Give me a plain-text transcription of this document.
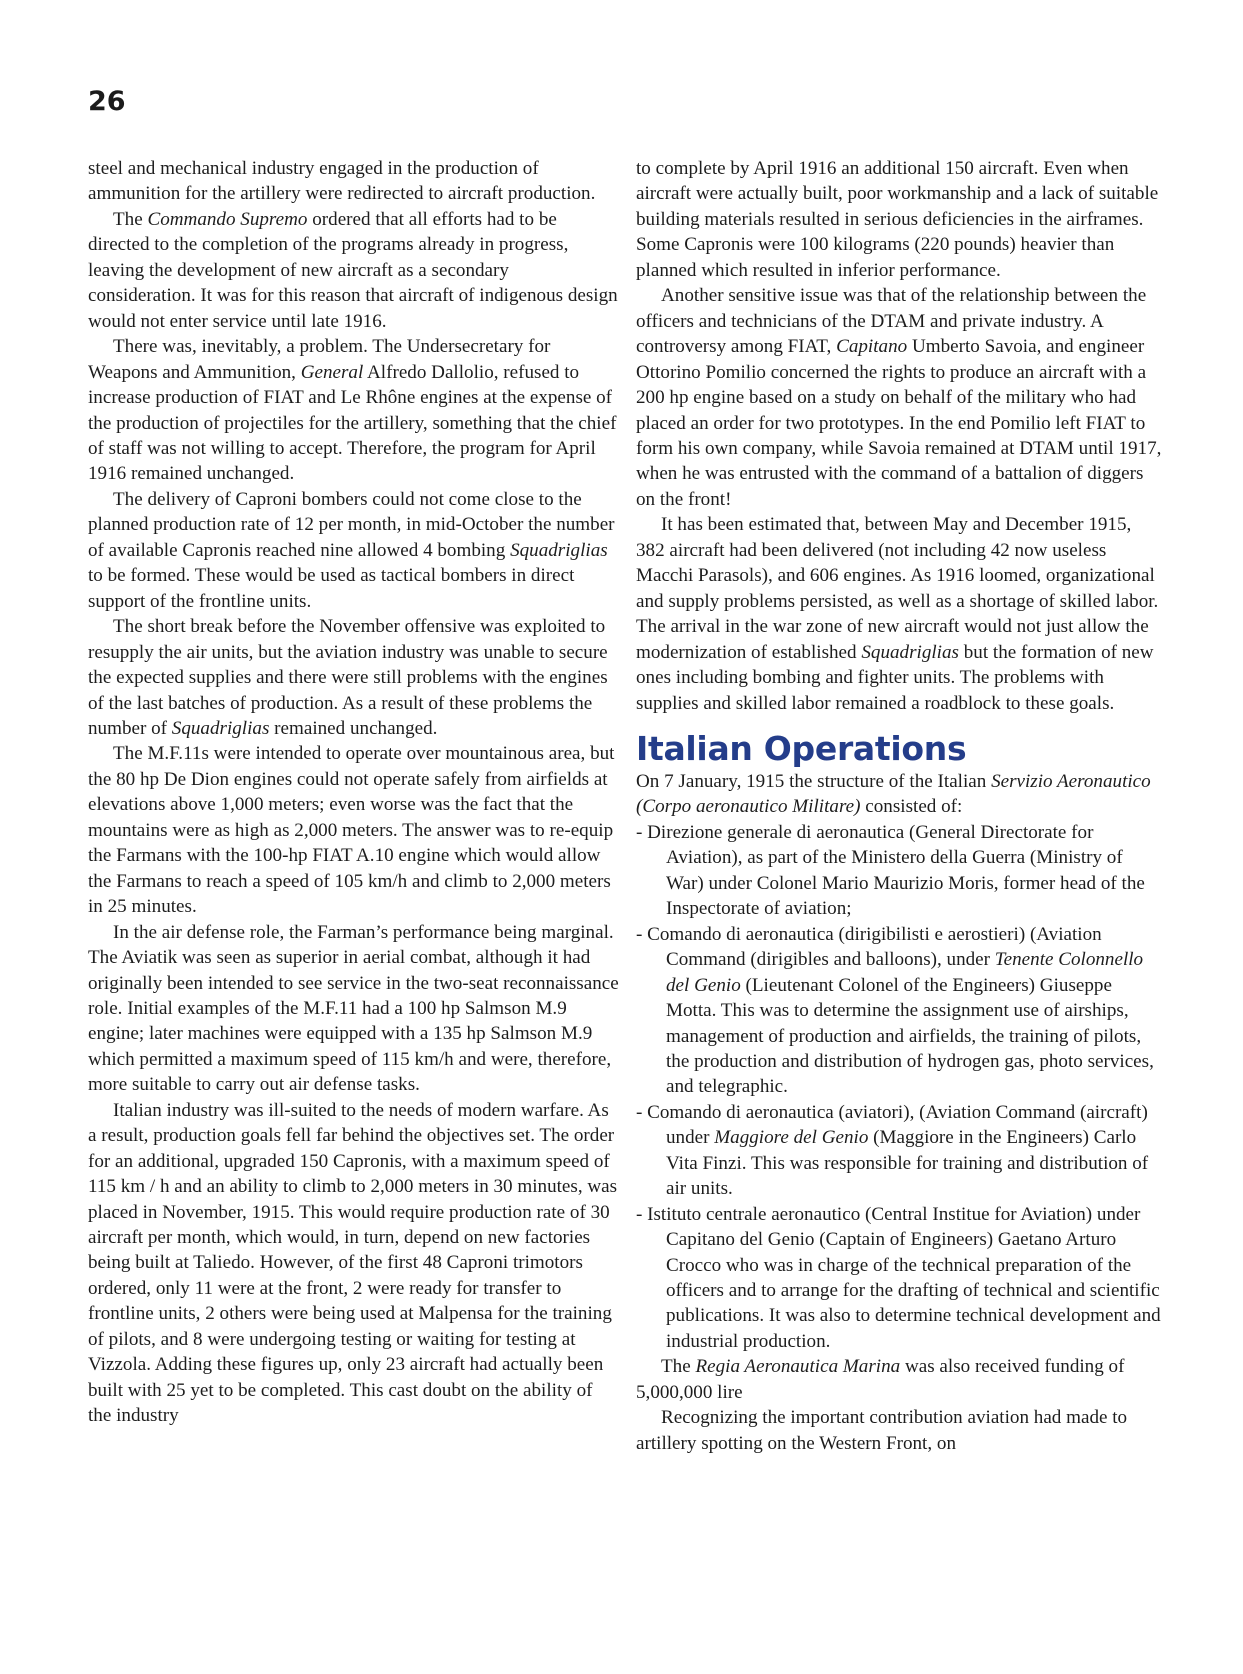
26

steel and mechanical industry engaged in the production of ammunition for the artillery were redirected to aircraft production.

The Commando Supremo ordered that all efforts had to be directed to the completion of the programs already in progress, leaving the development of new aircraft as a secondary consideration. It was for this reason that aircraft of indigenous design would not enter service until late 1916.

There was, inevitably, a problem. The Undersecretary for Weapons and Ammunition, General Alfredo Dallolio, refused to increase production of FIAT and Le Rhône engines at the expense of the production of projectiles for the artillery, something that the chief of staff was not willing to accept. Therefore, the program for April 1916 remained unchanged.

The delivery of Caproni bombers could not come close to the planned production rate of 12 per month, in mid-October the number of available Capronis reached nine allowed 4 bombing Squadriglias to be formed. These would be used as tactical bombers in direct support of the frontline units.

The short break before the November offensive was exploited to resupply the air units, but the aviation industry was unable to secure the expected supplies and there were still problems with the engines of the last batches of production. As a result of these problems the number of Squadriglias remained unchanged.

The M.F.11s were intended to operate over mountainous area, but the 80 hp De Dion engines could not operate safely from airfields at elevations above 1,000 meters; even worse was the fact that the mountains were as high as 2,000 meters. The answer was to re-equip the Farmans with the 100-hp FIAT A.10 engine which would allow the Farmans to reach a speed of 105 km/h and climb to 2,000 meters in 25 minutes.

In the air defense role, the Farman’s performance being marginal. The Aviatik was seen as superior in aerial combat, although it had originally been intended to see service in the two-seat reconnaissance role. Initial examples of the M.F.11 had a 100 hp Salmson M.9 engine; later machines were equipped with a 135 hp Salmson M.9 which permitted a maximum speed of 115 km/h and were, therefore, more suitable to carry out air defense tasks.

Italian industry was ill-suited to the needs of modern warfare. As a result, production goals fell far behind the objectives set. The order for an additional, upgraded 150 Capronis, with a maximum speed of 115 km / h and an ability to climb to 2,000 meters in 30 minutes, was placed in November, 1915. This would require production rate of 30 aircraft per month, which would, in turn, depend on new factories being built at Taliedo. However, of the first 48 Caproni trimotors ordered, only 11 were at the front, 2 were ready for transfer to frontline units, 2 others were being used at Malpensa for the training of pilots, and 8 were undergoing testing or waiting for testing at Vizzola. Adding these figures up, only 23 aircraft had actually been built with 25 yet to be completed. This cast doubt on the ability of the industry

to complete by April 1916 an additional 150 aircraft. Even when aircraft were actually built, poor workmanship and a lack of suitable building materials resulted in serious deficiencies in the airframes. Some Capronis were 100 kilograms (220 pounds) heavier than planned which resulted in inferior performance.

Another sensitive issue was that of the relationship between the officers and technicians of the DTAM and private industry. A controversy among FIAT, Capitano Umberto Savoia, and engineer Ottorino Pomilio concerned the rights to produce an aircraft with a 200 hp engine based on a study on behalf of the military who had placed an order for two prototypes. In the end Pomilio left FIAT to form his own company, while Savoia remained at DTAM until 1917, when he was entrusted with the command of a battalion of diggers on the front!

It has been estimated that, between May and December 1915, 382 aircraft had been delivered (not including 42 now useless Macchi Parasols), and 606 engines. As 1916 loomed, organizational and supply problems persisted, as well as a shortage of skilled labor. The arrival in the war zone of new aircraft would not just allow the modernization of established Squadriglias but the formation of new ones including bombing and fighter units. The problems with supplies and skilled labor remained a roadblock to these goals.

Italian Operations

On 7 January, 1915 the structure of the Italian Servizio Aeronautico (Corpo aeronautico Militare) consisted of:

- Direzione generale di aeronautica (General Directorate for Aviation), as part of the Ministero della Guerra (Ministry of War) under Colonel Mario Maurizio Moris, former head of the Inspectorate of aviation;

- Comando di aeronautica (dirigibilisti e aerostieri) (Aviation Command (dirigibles and balloons), under Tenente Colonnello del Genio (Lieutenant Colonel of the Engineers) Giuseppe Motta. This was to determine the assignment use of airships, management of production and airfields, the training of pilots, the production and distribution of hydrogen gas, photo services, and telegraphic.

- Comando di aeronautica (aviatori), (Aviation Command (aircraft) under Maggiore del Genio (Maggiore in the Engineers) Carlo Vita Finzi. This was responsible for training and distribution of air units.

- Istituto centrale aeronautico (Central Institue for Aviation) under Capitano del Genio (Captain of Engineers) Gaetano Arturo Crocco who was in charge of the technical preparation of the officers and to arrange for the drafting of technical and scientific publications. It was also to determine technical development and industrial production.

The Regia Aeronautica Marina was also received funding of 5,000,000 lire

Recognizing the important contribution aviation had made to artillery spotting on the Western Front, on
